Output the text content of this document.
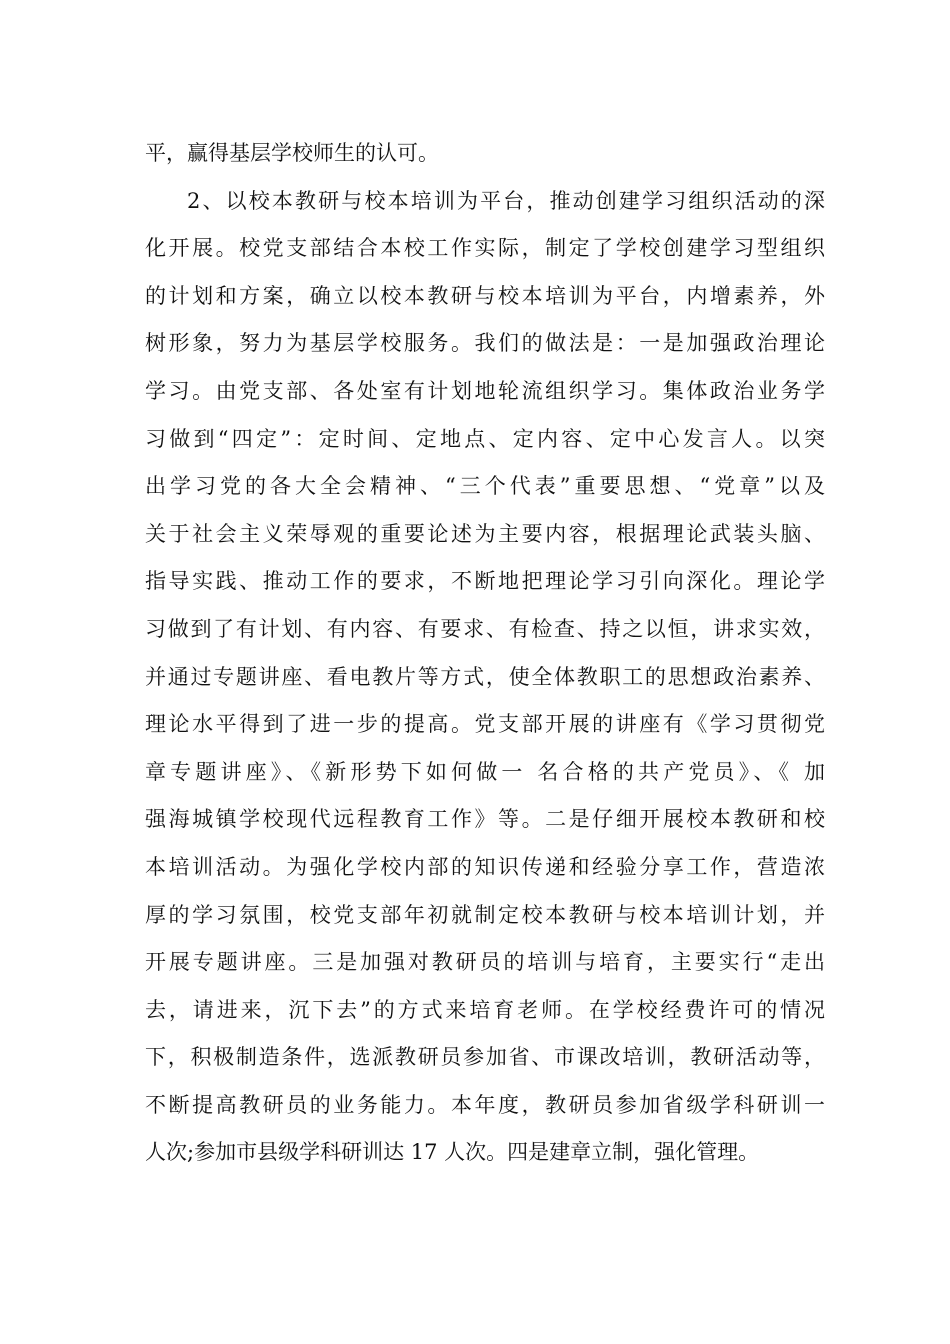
平，赢得基层学校师生的认可。
2、以校本教研与校本培训为平台，推动创建学习组织活动的深
化开展。校党支部结合本校工作实际，制定了学校创建学习型组织
的计划和方案，确立以校本教研与校本培训为平台，内增素养，外
树形象，努力为基层学校服务。我们的做法是：一是加强政治理论
学习。由党支部、各处室有计划地轮流组织学习。集体政治业务学
习做到“四定”：定时间、定地点、定内容、定中心发言人。以突
出学习党的各大全会精神、“三个代表”重要思想、“党章”以及
关于社会主义荣辱观的重要论述为主要内容，根据理论武装头脑、
指导实践、推动工作的要求，不断地把理论学习引向深化。理论学
习做到了有计划、有内容、有要求、有检查、持之以恒，讲求实效，
并通过专题讲座、看电教片等方式，使全体教职工的思想政治素养、
理论水平得到了进一步的提高。党支部开展的讲座有《学习贯彻党
章专题讲座》、《新形势下如何做一 名合格的共产党员》、《 加
强海城镇学校现代远程教育工作》等。二是仔细开展校本教研和校
本培训活动。为强化学校内部的知识传递和经验分享工作，营造浓
厚的学习氛围，校党支部年初就制定校本教研与校本培训计划，并
开展专题讲座。三是加强对教研员的培训与培育，主要实行“走出
去，请进来，沉下去”的方式来培育老师。在学校经费许可的情况
下，积极制造条件，选派教研员参加省、市课改培训，教研活动等，
不断提高教研员的业务能力。本年度，教研员参加省级学科研训一
人次;参加市县级学科研训达 17 人次。四是建章立制，强化管理。
